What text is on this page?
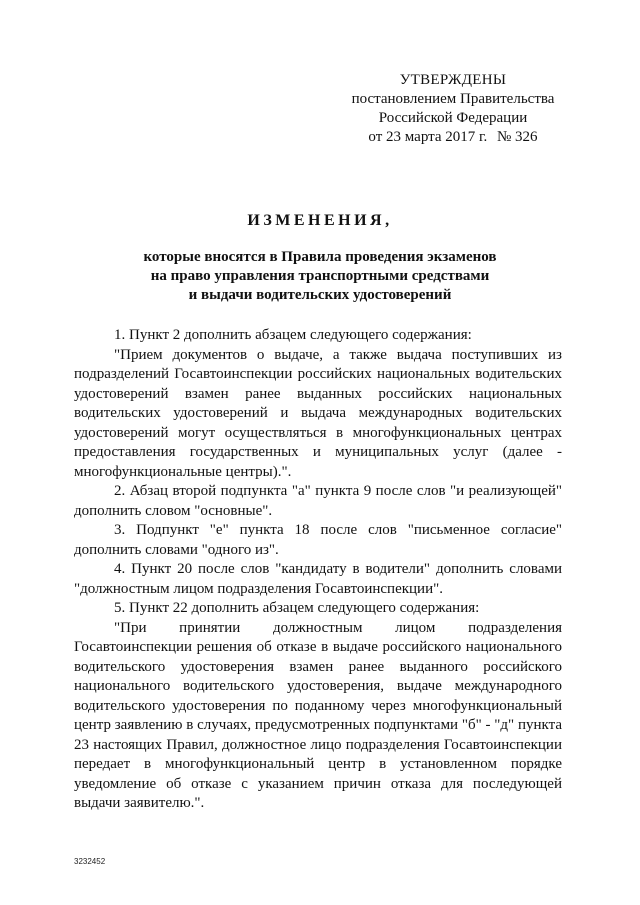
УТВЕРЖДЕНЫ
постановлением Правительства
Российской Федерации
от 23 марта 2017 г. № 326
ИЗМЕНЕНИЯ,
которые вносятся в Правила проведения экзаменов
на право управления транспортными средствами
и выдачи водительских удостоверений

1. Пункт 2 дополнить абзацем следующего содержания:

"Прием документов о выдаче, а также выдача поступивших из подразделений Госавтоинспекции российских национальных водительских удостоверений взамен ранее выданных российских национальных водительских удостоверений и выдача международных водительских удостоверений могут осуществляться в многофункциональных центрах предоставления государственных и муниципальных услуг (далее - многофункциональные центры).".

2. Абзац второй подпункта "а" пункта 9 после слов "и реализующей" дополнить словом "основные".

3. Подпункт "е" пункта 18 после слов "письменное согласие" дополнить словами "одного из".

4. Пункт 20 после слов "кандидату в водители" дополнить словами "должностным лицом подразделения Госавтоинспекции".

5. Пункт 22 дополнить абзацем следующего содержания:

"При принятии должностным лицом подразделения Госавтоинспекции решения об отказе в выдаче российского национального водительского удостоверения взамен ранее выданного российского национального водительского удостоверения, выдаче международного водительского удостоверения по поданному через многофункциональный центр заявлению в случаях, предусмотренных подпунктами "б" - "д" пункта 23 настоящих Правил, должностное лицо подразделения Госавтоинспекции передает в многофункциональный центр в установленном порядке уведомление об отказе с указанием причин отказа для последующей выдачи заявителю.".

3232452
